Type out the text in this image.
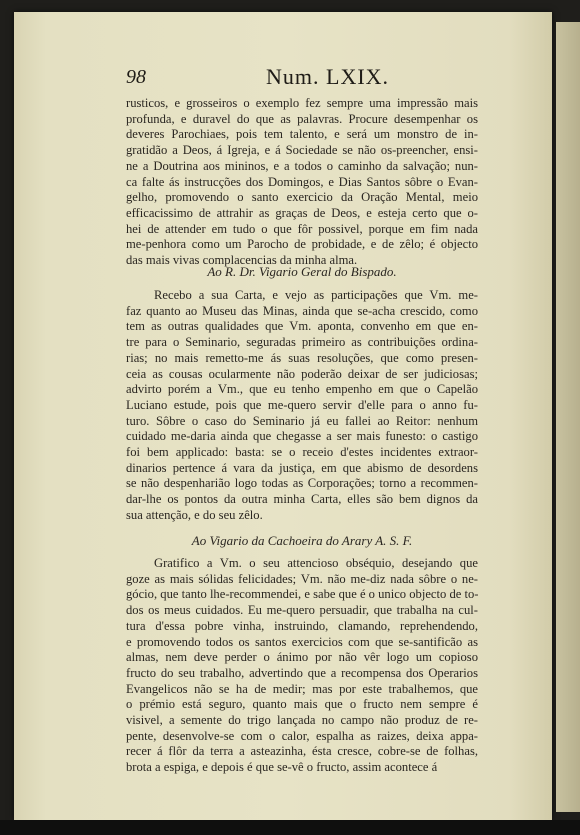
98	Num. LXIX.
rusticos, e grosseiros o exemplo fez sempre uma impressão mais
profunda, e duravel do que as palavras. Procure desempenhar os
deveres Parochiaes, pois tem talento, e será um monstro de in-
gratidão a Deos, á Igreja, e á Sociedade se não os-preencher, ensi-
ne a Doutrina aos mininos, e a todos o caminho da salvação; nun-
ca falte ás instrucções dos Domingos, e Dias Santos sôbre o Evan-
gelho, promovendo o santo exercicio da Oração Mental, meio
efficacissimo de attrahir as graças de Deos, e esteja certo que o-
hei de attender em tudo o que fôr possivel, porque em fim nada
me-penhora como um Parocho de probidade, e de zêlo; é objecto
das mais vivas complacencias da minha alma.
Ao R. Dr. Vigario Geral do Bispado.
Recebo a sua Carta, e vejo as participações que Vm. me-
faz quanto ao Museu das Minas, ainda que se-acha crescido, como
tem as outras qualidades que Vm. aponta, convenho em que en-
tre para o Seminario, seguradas primeiro as contribuições ordina-
rias; no mais remetto-me ás suas resoluções, que como presen-
ceia as cousas ocularmente não poderão deixar de ser judiciosas;
advirto porém a Vm., que eu tenho empenho em que o Capelão
Luciano estude, pois que me-quero servir d'elle para o anno fu-
turo. Sôbre o caso do Seminario já eu fallei ao Reitor: nenhum
cuidado me-daria ainda que chegasse a ser mais funesto: o castigo
foi bem applicado: basta: se o receio d'estes incidentes extraor-
dinarios pertence á vara da justiça, em que abismo de desordens
se não despenharião logo todas as Corporações; torno a recommen-
dar-lhe os pontos da outra minha Carta, elles são bem dignos da
sua attenção, e do seu zêlo.
Ao Vigario da Cachoeira do Arary A. S. F.
Gratifico a Vm. o seu attencioso obséquio, desejando que
goze as mais sólidas felicidades; Vm. não me-diz nada sôbre o ne-
gócio, que tanto lhe-recommendei, e sabe que é o unico objecto de to-
dos os meus cuidados. Eu me-quero persuadir, que trabalha na cul-
tura d'essa pobre vinha, instruindo, clamando, reprehendendo,
e promovendo todos os santos exercicios com que se-santificão as
almas, nem deve perder o ánimo por não vêr logo um copioso
fructo do seu trabalho, advertindo que a recompensa dos Operarios
Evangelicos não se ha de medir; mas por este trabalhemos, que
o prémio está seguro, quanto mais que o fructo nem sempre é
visivel, a semente do trigo lançada no campo não produz de re-
pente, desenvolve-se com o calor, espalha as raizes, deixa appa-
recer á flôr da terra a asteazinha, ésta cresce, cobre-se de folhas,
brota a espiga, e depois é que se-vê o fructo, assim acontece á
